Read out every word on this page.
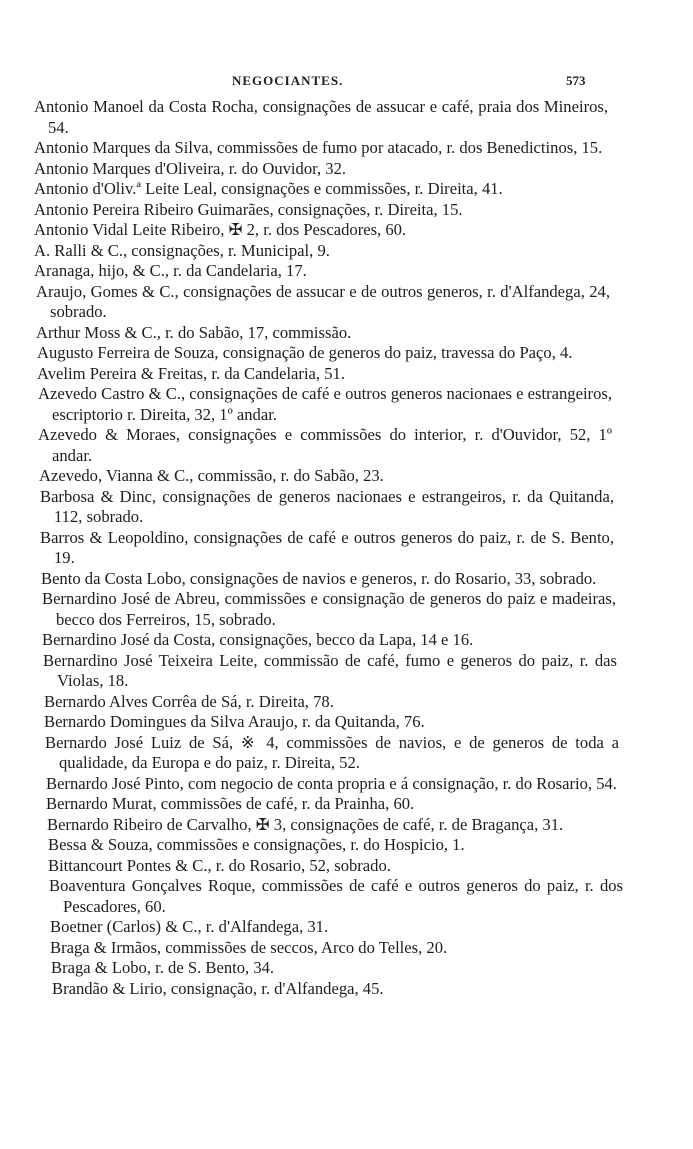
NEGOCIANTES.	573
Antonio Manoel da Costa Rocha, consignações de assucar e café, praia dos Mineiros, 54.
Antonio Marques da Silva, commissões de fumo por atacado, r. dos Benedictinos, 15.
Antonio Marques d'Oliveira, r. do Ouvidor, 32.
Antonio d'Oliv.ª Leite Leal, consignações e commissões, r. Direita, 41.
Antonio Pereira Ribeiro Guimarães, consignações, r. Direita, 15.
Antonio Vidal Leite Ribeiro, ✠ 2, r. dos Pescadores, 60.
A. Ralli & C., consignações, r. Municipal, 9.
Aranaga, hijo, & C., r. da Candelaria, 17.
Araujo, Gomes & C., consignações de assucar e de outros generos, r. d'Alfandega, 24, sobrado.
Arthur Moss & C., r. do Sabão, 17, commissão.
Augusto Ferreira de Souza, consignação de generos do paiz, travessa do Paço, 4.
Avelim Pereira & Freitas, r. da Candelaria, 51.
Azevedo Castro & C., consignações de café e outros generos nacionaes e estrangeiros, escriptorio r. Direita, 32, 1º andar.
Azevedo & Moraes, consignações e commissões do interior, r. d'Ouvidor, 52, 1º andar.
Azevedo, Vianna & C., commissão, r. do Sabão, 23.
Barbosa & Dinc, consignações de generos nacionaes e estrangeiros, r. da Quitanda, 112, sobrado.
Barros & Leopoldino, consignações de café e outros generos do paiz, r. de S. Bento, 19.
Bento da Costa Lobo, consignações de navios e generos, r. do Rosario, 33, sobrado.
Bernardino José de Abreu, commissões e consignação de generos do paiz e madeiras, becco dos Ferreiros, 15, sobrado.
Bernardino José da Costa, consignações, becco da Lapa, 14 e 16.
Bernardino José Teixeira Leite, commissão de café, fumo e generos do paiz, r. das Violas, 18.
Bernardo Alves Corrêa de Sá, r. Direita, 78.
Bernardo Domingues da Silva Araujo, r. da Quitanda, 76.
Bernardo José Luiz de Sá, ※ 4, commissões de navios, e de generos de toda a qualidade, da Europa e do paiz, r. Direita, 52.
Bernardo José Pinto, com negocio de conta propria e á consignação, r. do Rosario, 54.
Bernardo Murat, commissões de café, r. da Prainha, 60.
Bernardo Ribeiro de Carvalho, ✠ 3, consignações de café, r. de Bragança, 31.
Bessa & Souza, commissões e consignações, r. do Hospicio, 1.
Bittancourt Pontes & C., r. do Rosario, 52, sobrado.
Boaventura Gonçalves Roque, commissões de café e outros generos do paiz, r. dos Pescadores, 60.
Boetner (Carlos) & C., r. d'Alfandega, 31.
Braga & Irmãos, commissões de seccos, Arco do Telles, 20.
Braga & Lobo, r. de S. Bento, 34.
Brandão & Lirio, consignação, r. d'Alfandega, 45.
